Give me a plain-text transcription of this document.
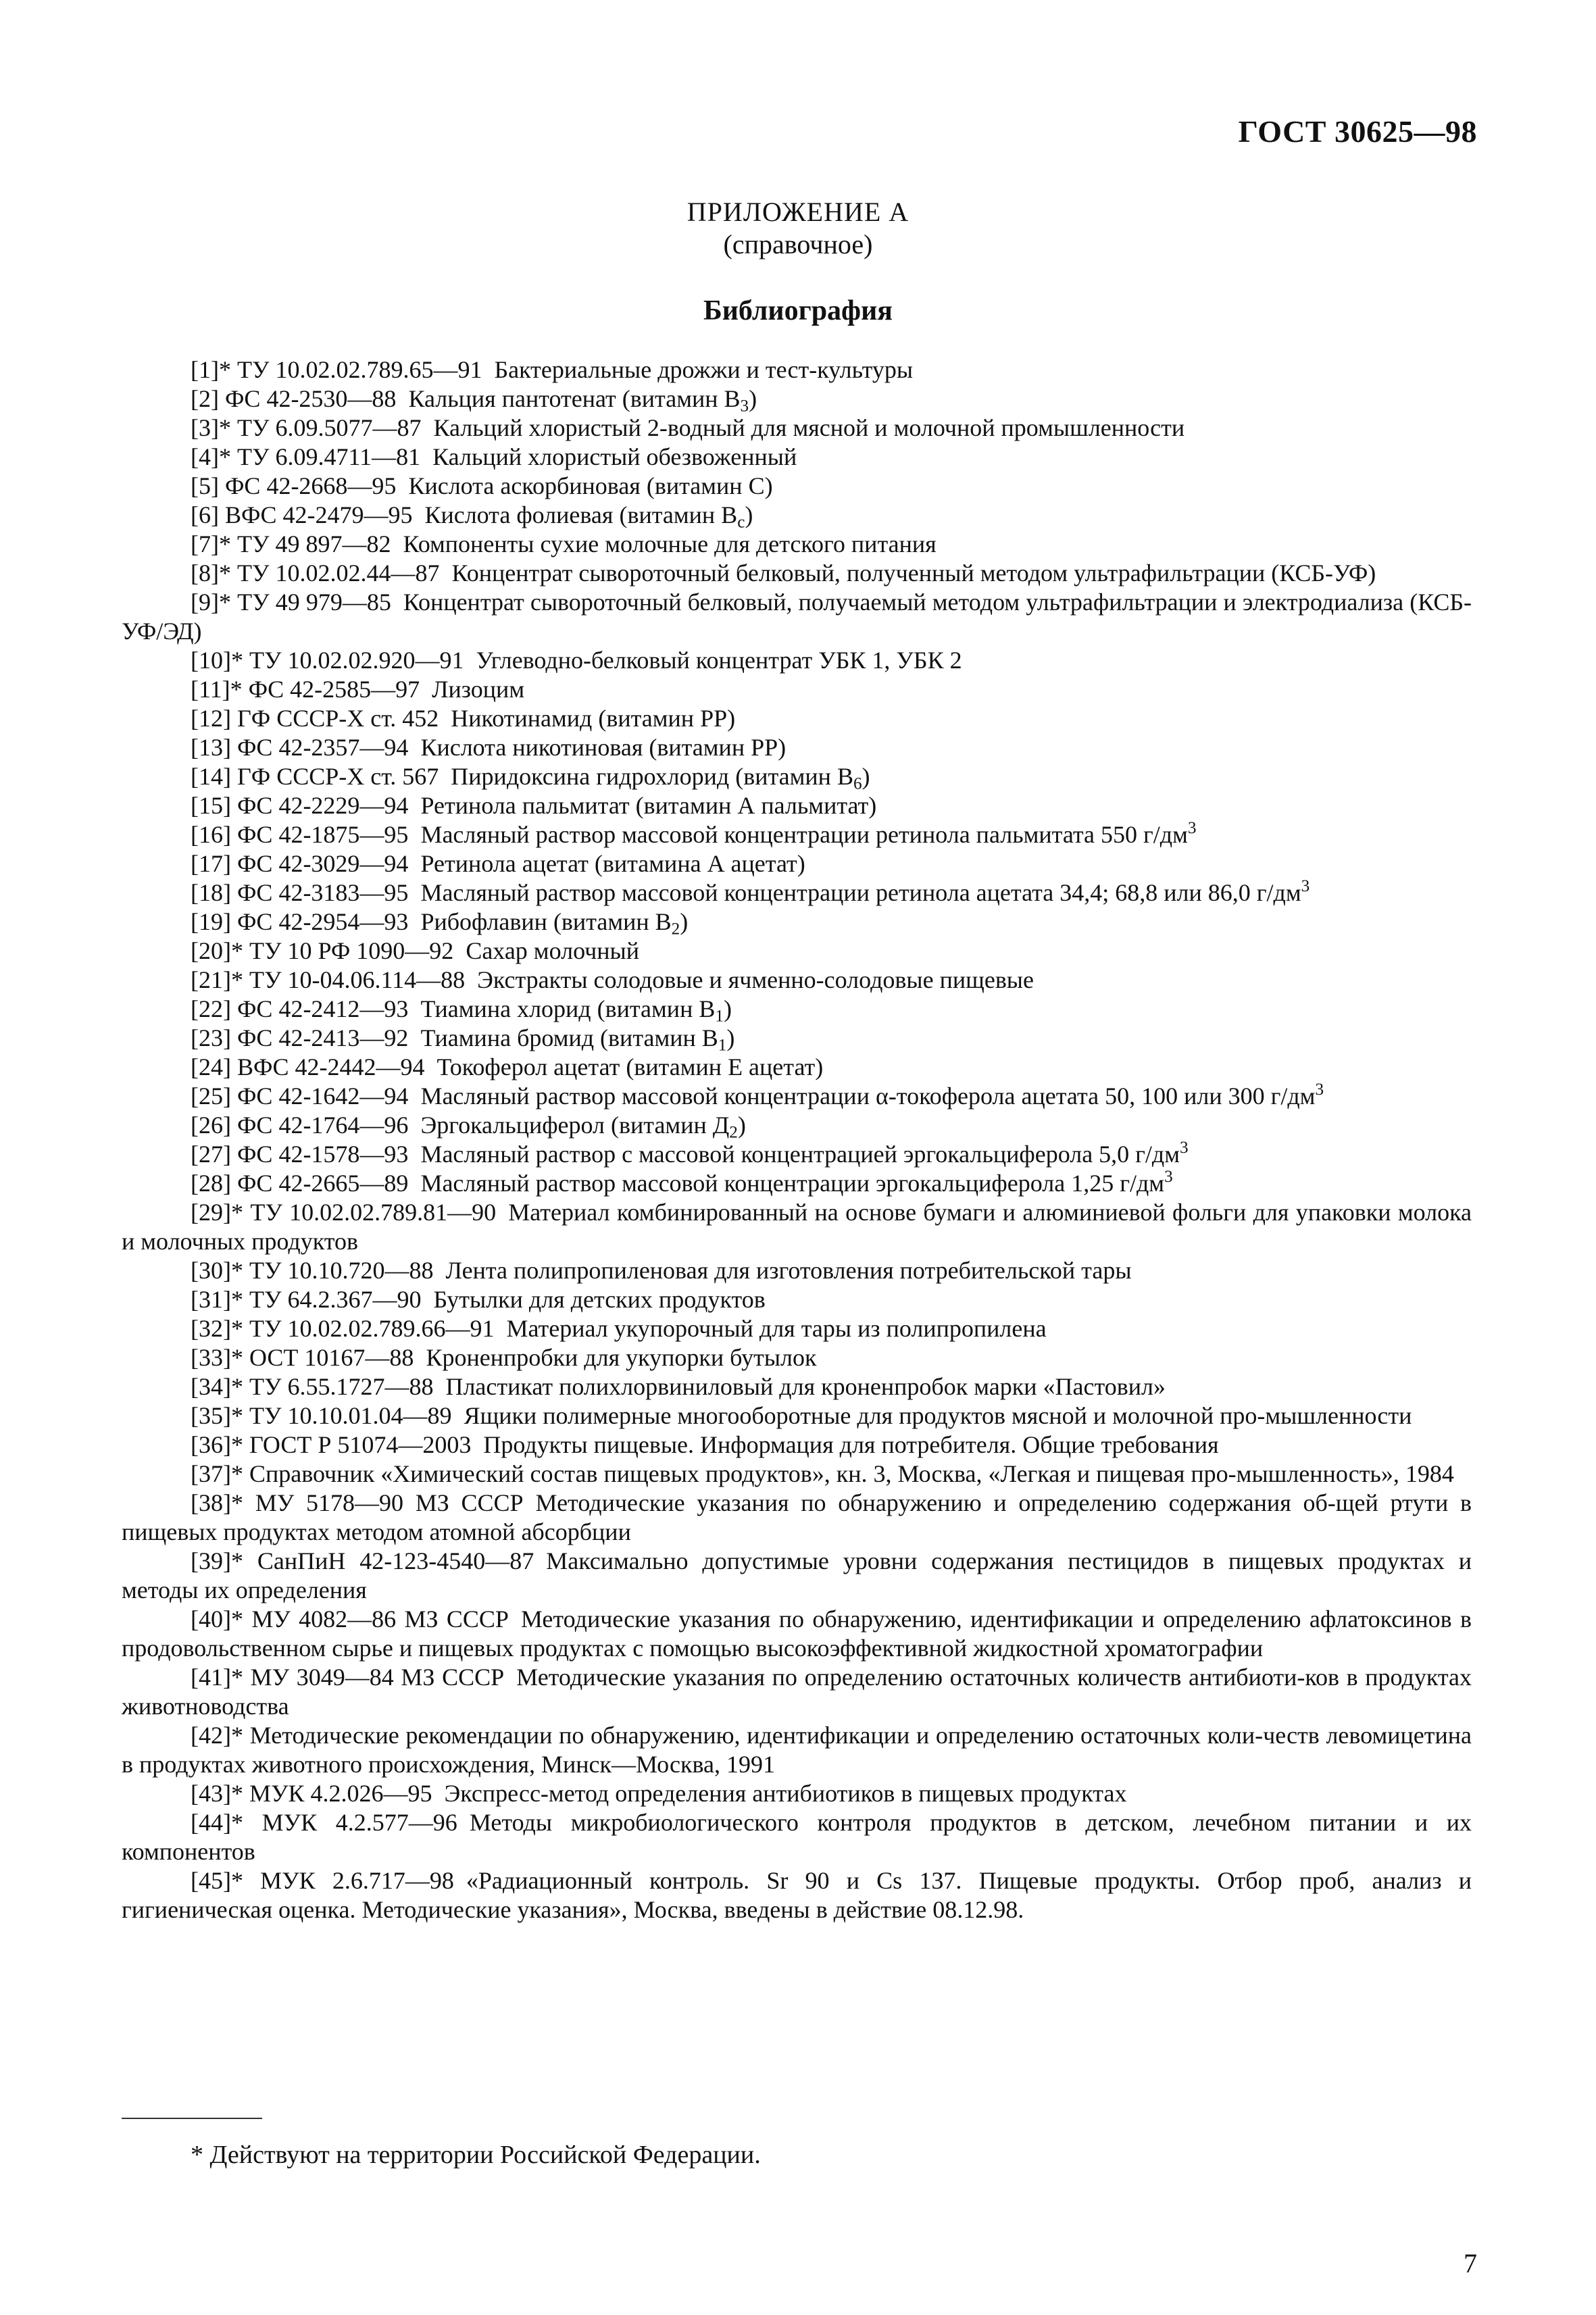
ГОСТ 30625—98
ПРИЛОЖЕНИЕ А
(справочное)
Библиография

[1]* ТУ 10.02.02.789.65—91 Бактериальные дрожжи и тест-культуры

[2] ФС 42-2530—88 Кальция пантотенат (витамин $В_3$)

[3]* ТУ 6.09.5077—87 Кальций хлористый 2-водный для мясной и молочной промышленности

[4]* ТУ 6.09.4711—81 Кальций хлористый обезвоженный

[5] ФС 42-2668—95 Кислота аскорбиновая (витамин С)

[6] ВФС 42-2479—95 Кислота фолиевая (витамин $В_с$)

[7]* ТУ 49 897—82 Компоненты сухие молочные для детского питания

[8]* ТУ 10.02.02.44—87 Концентрат сывороточный белковый, полученный методом ультрафильтрации (КСБ-УФ)

[9]* ТУ 49 979—85 Концентрат сывороточный белковый, получаемый методом ультрафильтрации и электродиализа (КСБ-УФ/ЭД)

[10]* ТУ 10.02.02.920—91 Углеводно-белковый концентрат УБК 1, УБК 2

[11]* ФС 42-2585—97 Лизоцим

[12] ГФ СССР-Х ст. 452 Никотинамид (витамин РР)

[13] ФС 42-2357—94 Кислота никотиновая (витамин РР)

[14] ГФ СССР-Х ст. 567 Пиридоксина гидрохлорид (витамин $В_6$)

[15] ФС 42-2229—94 Ретинола пальмитат (витамин А пальмитат)

[16] ФС 42-1875—95 Масляный раствор массовой концентрации ретинола пальмитата 550 $г/дм^3$

[17] ФС 42-3029—94 Ретинола ацетат (витамина А ацетат)

[18] ФС 42-3183—95 Масляный раствор массовой концентрации ретинола ацетата 34,4; 68,8 или 86,0 $г/дм^3$

[19] ФС 42-2954—93 Рибофлавин (витамин $В_2$)

[20]* ТУ 10 РФ 1090—92 Сахар молочный

[21]* ТУ 10-04.06.114—88 Экстракты солодовые и ячменно-солодовые пищевые

[22] ФС 42-2412—93 Тиамина хлорид (витамин $В_1$)

[23] ФС 42-2413—92 Тиамина бромид (витамин $В_1$)

[24] ВФС 42-2442—94 Токоферол ацетат (витамин Е ацетат)

[25] ФС 42-1642—94 Масляный раствор массовой концентрации α-токоферола ацетата 50, 100 или 300 $г/дм^3$

[26] ФС 42-1764—96 Эргокальциферол (витамин $Д_2$)

[27] ФС 42-1578—93 Масляный раствор с массовой концентрацией эргокальциферола 5,0 $г/дм^3$

[28] ФС 42-2665—89 Масляный раствор массовой концентрации эргокальциферола 1,25 $г/дм^3$

[29]* ТУ 10.02.02.789.81—90 Материал комбинированный на основе бумаги и алюминиевой фольги для упаковки молока и молочных продуктов

[30]* ТУ 10.10.720—88 Лента полипропиленовая для изготовления потребительской тары

[31]* ТУ 64.2.367—90 Бутылки для детских продуктов

[32]* ТУ 10.02.02.789.66—91 Материал укупорочный для тары из полипропилена

[33]* ОСТ 10167—88 Кроненпробки для укупорки бутылок

[34]* ТУ 6.55.1727—88 Пластикат полихлорвиниловый для кроненпробок марки «Пастовил»

[35]* ТУ 10.10.01.04—89 Ящики полимерные многооборотные для продуктов мясной и молочной про-мышленности

[36]* ГОСТ Р 51074—2003 Продукты пищевые. Информация для потребителя. Общие требования

[37]* Справочник «Химический состав пищевых продуктов», кн. 3, Москва, «Легкая и пищевая про-мышленность», 1984

[38]* МУ 5178—90 МЗ СССР Методические указания по обнаружению и определению содержания об-щей ртути в пищевых продуктах методом атомной абсорбции

[39]* СанПиН 42-123-4540—87 Максимально допустимые уровни содержания пестицидов в пищевых продуктах и методы их определения

[40]* МУ 4082—86 МЗ СССР Методические указания по обнаружению, идентификации и определению афлатоксинов в продовольственном сырье и пищевых продуктах с помощью высокоэффективной жидкостной хроматографии

[41]* МУ 3049—84 МЗ СССР Методические указания по определению остаточных количеств антибиоти-ков в продуктах животноводства

[42]* Методические рекомендации по обнаружению, идентификации и определению остаточных коли-честв левомицетина в продуктах животного происхождения, Минск—Москва, 1991

[43]* МУК 4.2.026—95 Экспресс-метод определения антибиотиков в пищевых продуктах

[44]* МУК 4.2.577—96 Методы микробиологического контроля продуктов в детском, лечебном питании и их компонентов

[45]* МУК 2.6.717—98 «Радиационный контроль. Sr 90 и Cs 137. Пищевые продукты. Отбор проб, анализ и гигиеническая оценка. Методические указания», Москва, введены в действие 08.12.98.

* Действуют на территории Российской Федерации.
7
